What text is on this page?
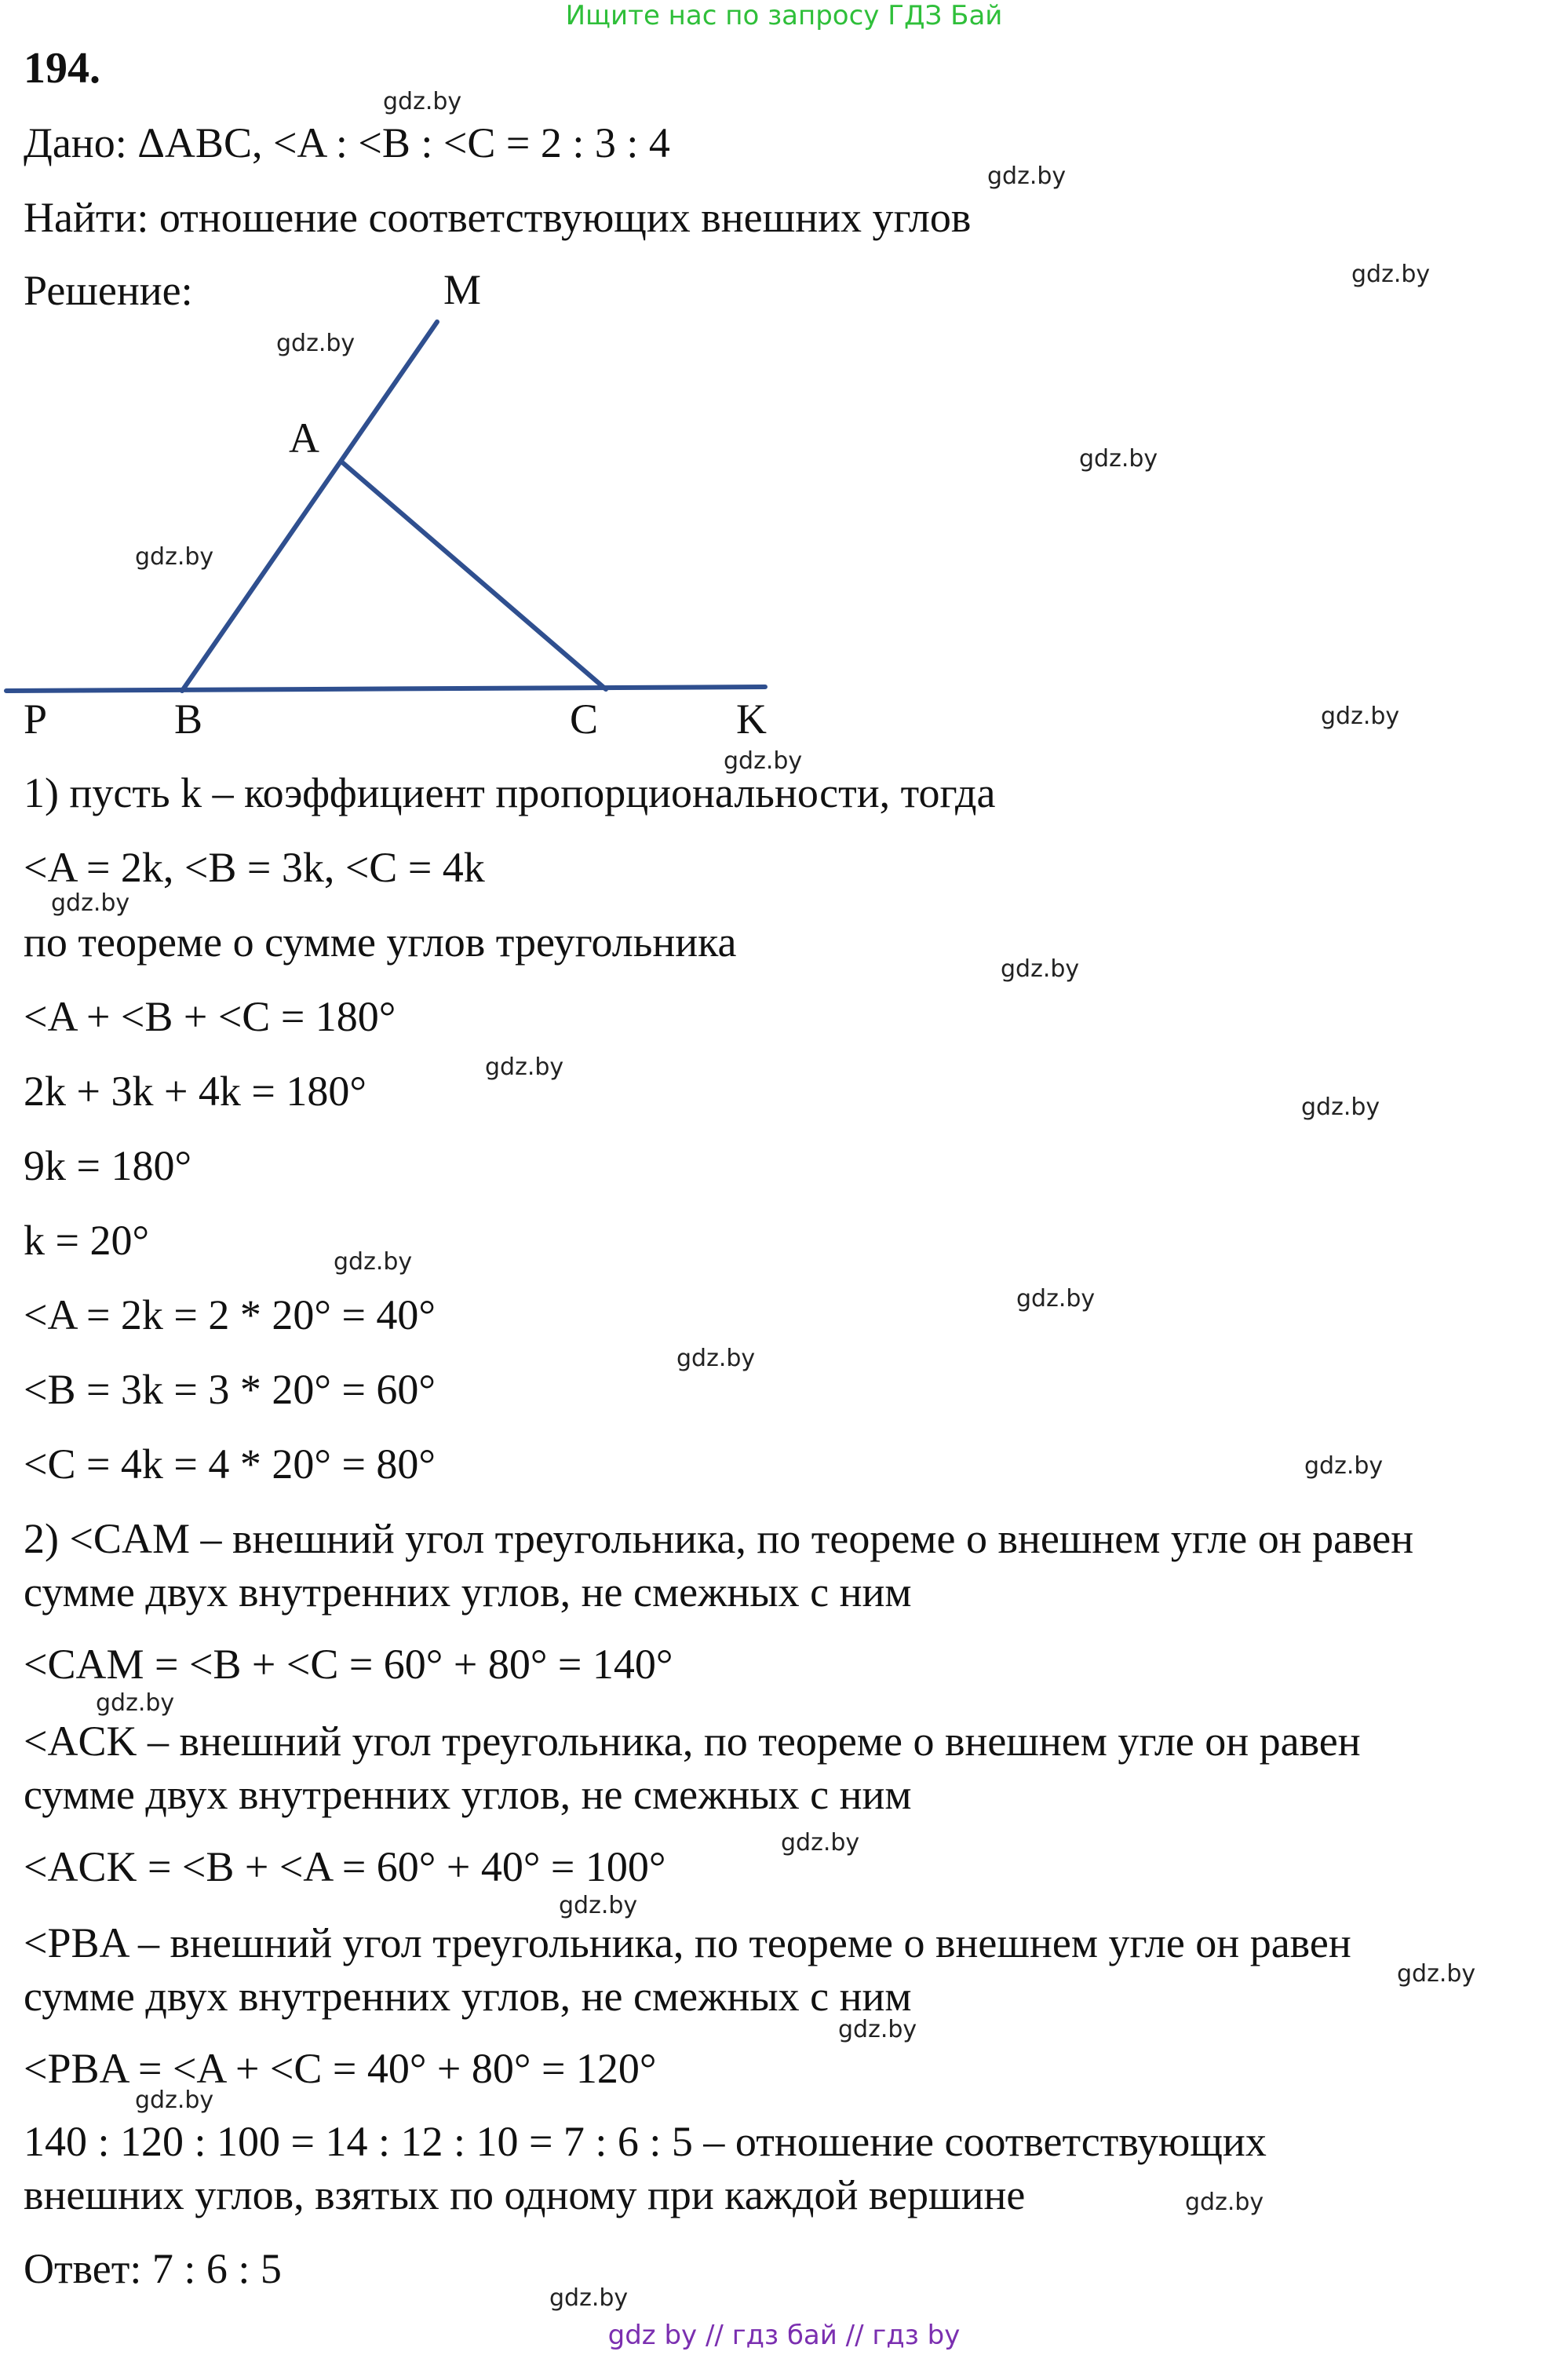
Ищите нас по запросу ГДЗ Бай
194.
Дано: ΔABC, <A : <B : <C = 2 : 3 : 4
Найти: отношение соответствующих внешних углов
Решение:	M
A
P	B	C	K
1) пусть k – коэффициент пропорциональности, тогда
<A = 2k, <B = 3k, <C = 4k
по теореме о сумме углов треугольника
<A + <B + <C = 180°
2k + 3k + 4k = 180°
9k = 180°
k = 20°
<A = 2k = 2 * 20° = 40°
<B = 3k = 3 * 20° = 60°
<C = 4k = 4 * 20° = 80°
2) <CAM – внешний угол треугольника, по теореме о внешнем угле он равен
сумме двух внутренних углов, не смежных с ним
<CAM = <B + <C = 60° + 80° = 140°
<ACK – внешний угол треугольника, по теореме о внешнем угле он равен
сумме двух внутренних углов, не смежных с ним
<ACK = <B + <A = 60° + 40° = 100°
<PBA – внешний угол треугольника, по теореме о внешнем угле он равен
сумме двух внутренних углов, не смежных с ним
<PBA = <A + <C = 40° + 80° = 120°
140 : 120 : 100 = 14 : 12 : 10 = 7 : 6 : 5 – отношение соответствующих
внешних углов, взятых по одному при каждой вершине
Ответ: 7 : 6 : 5
gdz.by
gdz.by
gdz.by
gdz.by
gdz.by
gdz.by
gdz.by
gdz.by
gdz.by
gdz.by
gdz.by
gdz.by
gdz.by
gdz.by
gdz.by
gdz.by
gdz.by
gdz.by
gdz.by
gdz.by
gdz.by
gdz.by
gdz.by
gdz.by
gdz by // гдз бай // гдз by
